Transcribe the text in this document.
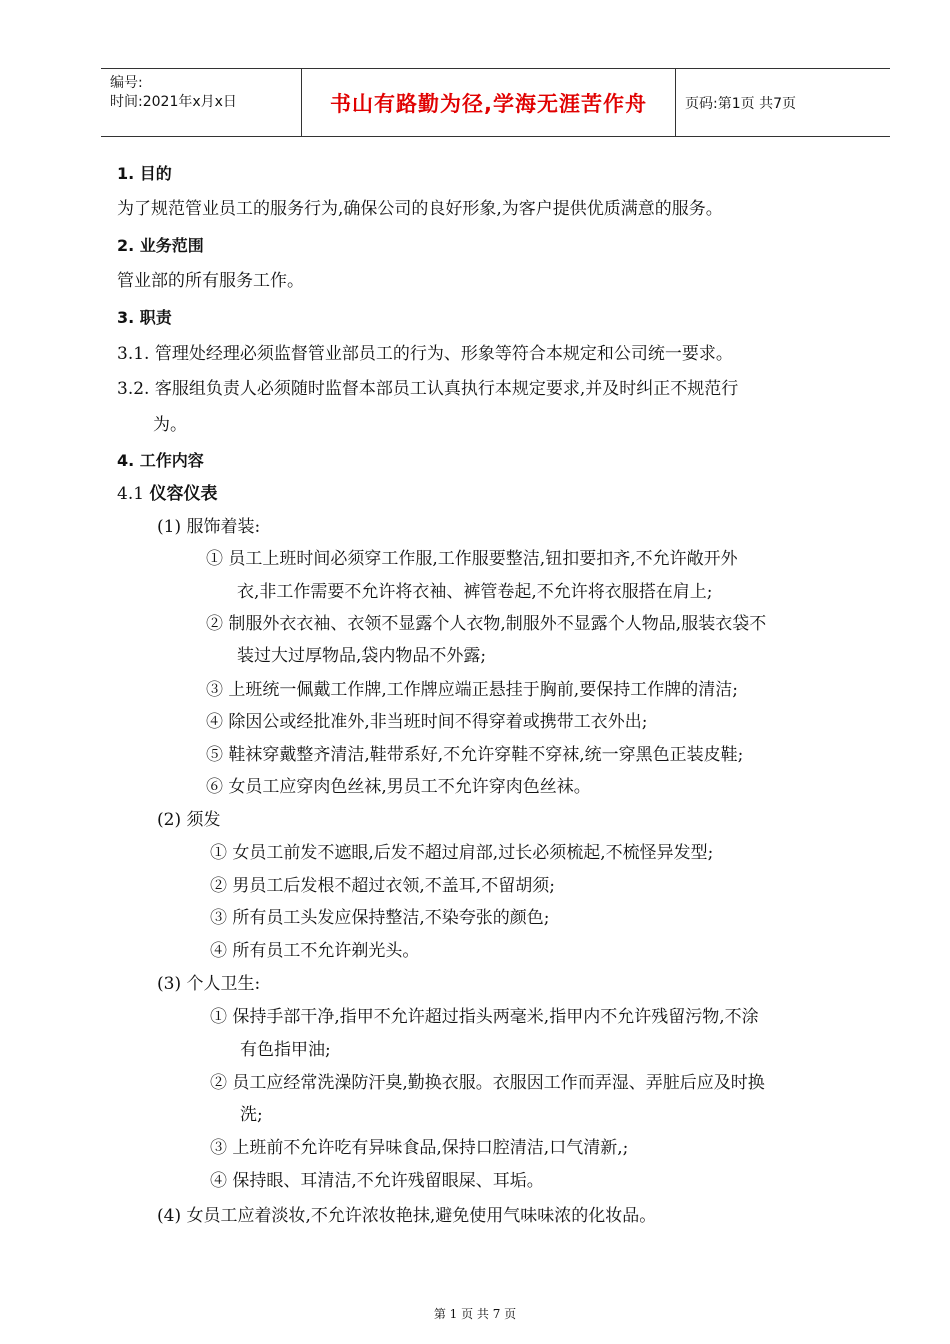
编号:
时间:2021年x月x日	书山有路勤为径,学海无涯苦作舟	页码:第1页 共7页
1. 目的
为了规范管业员工的服务行为,确保公司的良好形象,为客户提供优质满意的服务。
2. 业务范围
管业部的所有服务工作。
3. 职责
3.1. 管理处经理必须监督管业部员工的行为、形象等符合本规定和公司统一要求。
3.2. 客服组负责人必须随时监督本部员工认真执行本规定要求,并及时纠正不规范行
为。
4. 工作内容
4.1 仪容仪表
(1) 服饰着装:
① 员工上班时间必须穿工作服,工作服要整洁,钮扣要扣齐,不允许敞开外
衣,非工作需要不允许将衣袖、裤管卷起,不允许将衣服搭在肩上;
② 制服外衣衣袖、衣领不显露个人衣物,制服外不显露个人物品,服装衣袋不
装过大过厚物品,袋内物品不外露;
③ 上班统一佩戴工作牌,工作牌应端正悬挂于胸前,要保持工作牌的清洁;
④ 除因公或经批准外,非当班时间不得穿着或携带工衣外出;
⑤ 鞋袜穿戴整齐清洁,鞋带系好,不允许穿鞋不穿袜,统一穿黑色正装皮鞋;
⑥ 女员工应穿肉色丝袜,男员工不允许穿肉色丝袜。
(2) 须发
① 女员工前发不遮眼,后发不超过肩部,过长必须梳起,不梳怪异发型;
② 男员工后发根不超过衣领,不盖耳,不留胡须;
③ 所有员工头发应保持整洁,不染夸张的颜色;
④ 所有员工不允许剃光头。
(3) 个人卫生:
① 保持手部干净,指甲不允许超过指头两毫米,指甲内不允许残留污物,不涂
有色指甲油;
② 员工应经常洗澡防汗臭,勤换衣服。衣服因工作而弄湿、弄脏后应及时换
洗;
③ 上班前不允许吃有异味食品,保持口腔清洁,口气清新,;
④ 保持眼、耳清洁,不允许残留眼屎、耳垢。
(4) 女员工应着淡妆,不允许浓妆艳抹,避免使用气味味浓的化妆品。
第 1 页 共 7 页
